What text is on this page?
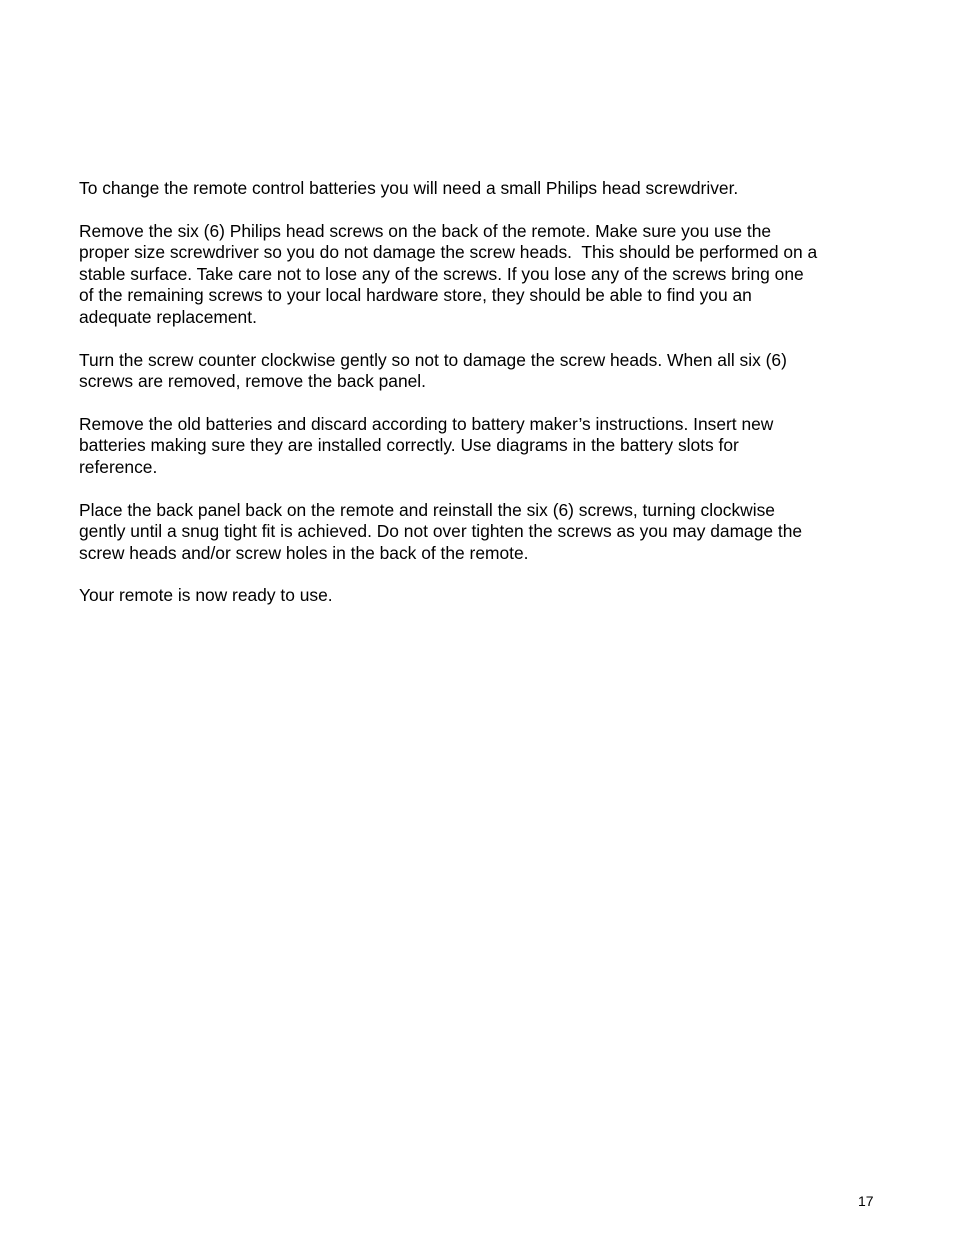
To change the remote control batteries you will need a small Philips head screwdriver.

Remove the six (6) Philips head screws on the back of the remote. Make sure you use the
proper size screwdriver so you do not damage the screw heads.  This should be performed on a
stable surface. Take care not to lose any of the screws. If you lose any of the screws bring one
of the remaining screws to your local hardware store, they should be able to find you an
adequate replacement.

Turn the screw counter clockwise gently so not to damage the screw heads. When all six (6)
screws are removed, remove the back panel.

Remove the old batteries and discard according to battery maker’s instructions. Insert new
batteries making sure they are installed correctly. Use diagrams in the battery slots for
reference.

Place the back panel back on the remote and reinstall the six (6) screws, turning clockwise
gently until a snug tight fit is achieved. Do not over tighten the screws as you may damage the
screw heads and/or screw holes in the back of the remote.

Your remote is now ready to use.

17
